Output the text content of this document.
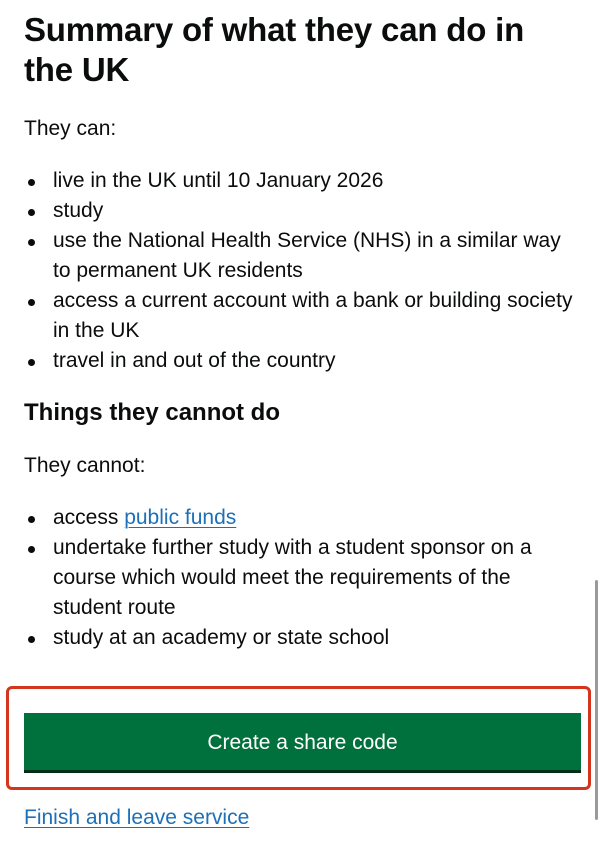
Summary of what they can do in the UK

They can:

live in the UK until 10 January 2026
study
use the National Health Service (NHS) in a similar way to permanent UK residents
access a current account with a bank or building society in the UK
travel in and out of the country
Things they cannot do

They cannot:

access public funds
undertake further study with a student sponsor on a course which would meet the requirements of the student route
study at an academy or state school
Create a share code
Finish and leave service
